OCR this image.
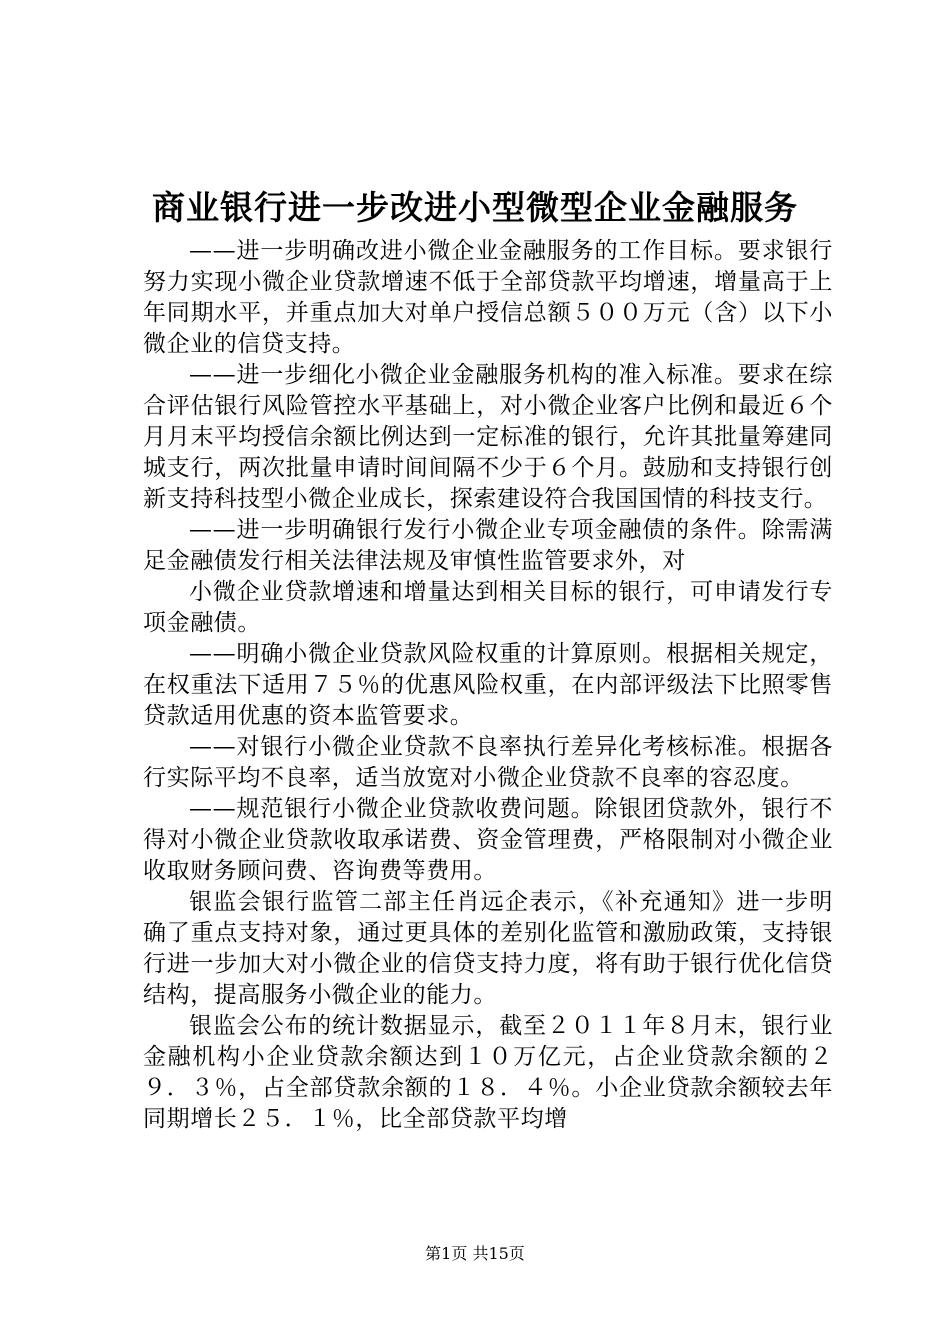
商业银行进一步改进小型微型企业金融服务

——进一步明确改进小微企业金融服务的工作目标。要求银行努力实现小微企业贷款增速不低于全部贷款平均增速，增量高于上年同期水平，并重点加大对单户授信总额５００万元（含）以下小微企业的信贷支持。

——进一步细化小微企业金融服务机构的准入标准。要求在综合评估银行风险管控水平基础上，对小微企业客户比例和最近６个月月末平均授信余额比例达到一定标准的银行，允许其批量筹建同城支行，两次批量申请时间间隔不少于６个月。鼓励和支持银行创新支持科技型小微企业成长，探索建设符合我国国情的科技支行。

——进一步明确银行发行小微企业专项金融债的条件。除需满足金融债发行相关法律法规及审慎性监管要求外，对

小微企业贷款增速和增量达到相关目标的银行，可申请发行专项金融债。

——明确小微企业贷款风险权重的计算原则。根据相关规定，在权重法下适用７５％的优惠风险权重，在内部评级法下比照零售贷款适用优惠的资本监管要求。

——对银行小微企业贷款不良率执行差异化考核标准。根据各行实际平均不良率，适当放宽对小微企业贷款不良率的容忍度。

——规范银行小微企业贷款收费问题。除银团贷款外，银行不得对小微企业贷款收取承诺费、资金管理费，严格限制对小微企业收取财务顾问费、咨询费等费用。

银监会银行监管二部主任肖远企表示，《补充通知》进一步明确了重点支持对象，通过更具体的差别化监管和激励政策，支持银行进一步加大对小微企业的信贷支持力度，将有助于银行优化信贷结构，提高服务小微企业的能力。

银监会公布的统计数据显示，截至２０１１年８月末，银行业金融机构小企业贷款余额达到１０万亿元，占企业贷款余额的２９．３％，占全部贷款余额的１８．４％。小企业贷款余额较去年同期增长２５．１％，比全部贷款平均增

第1页 共15页
